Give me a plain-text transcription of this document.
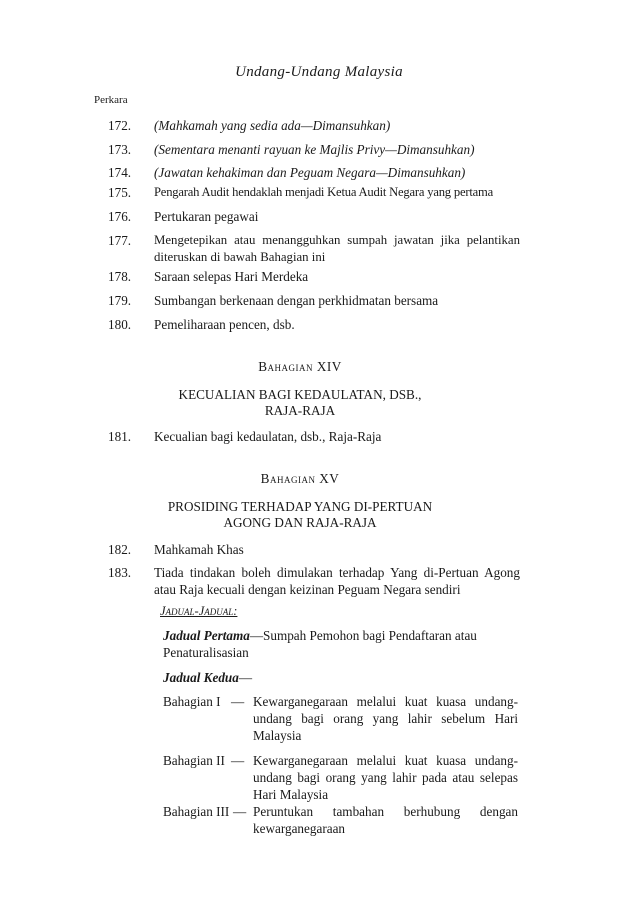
Undang-Undang Malaysia
Perkara
172. (Mahkamah yang sedia ada—Dimansuhkan)
173. (Sementara menanti rayuan ke Majlis Privy—Dimansuhkan)
174. (Jawatan kehakiman dan Peguam Negara—Dimansuhkan)
175. Pengarah Audit hendaklah menjadi Ketua Audit Negara yang pertama
176. Pertukaran pegawai
177. Mengetepikan atau menangguhkan sumpah jawatan jika pelantikan diteruskan di bawah Bahagian ini
178. Saraan selepas Hari Merdeka
179. Sumbangan berkenaan dengan perkhidmatan bersama
180. Pemeliharaan pencen, dsb.
Bahagian XIV
KECUALIAN BAGI KEDAULATAN, DSB.,
RAJA-RAJA
181. Kecualian bagi kedaulatan, dsb., Raja-Raja
Bahagian XV
PROSIDING TERHADAP YANG DI-PERTUAN
AGONG DAN RAJA-RAJA
182. Mahkamah Khas
183. Tiada tindakan boleh dimulakan terhadap Yang di-Pertuan Agong atau Raja kecuali dengan keizinan Peguam Negara sendiri
Jadual-Jadual:
Jadual Pertama—Sumpah Pemohon bagi Pendaftaran atau Penaturalisasian
Jadual Kedua—
Bahagian I — Kewarganegaraan melalui kuat kuasa undang-undang bagi orang yang lahir sebelum Hari Malaysia
Bahagian II — Kewarganegaraan melalui kuat kuasa undang-undang bagi orang yang lahir pada atau selepas Hari Malaysia
Bahagian III — Peruntukan tambahan berhubung dengan kewarganegaraan
